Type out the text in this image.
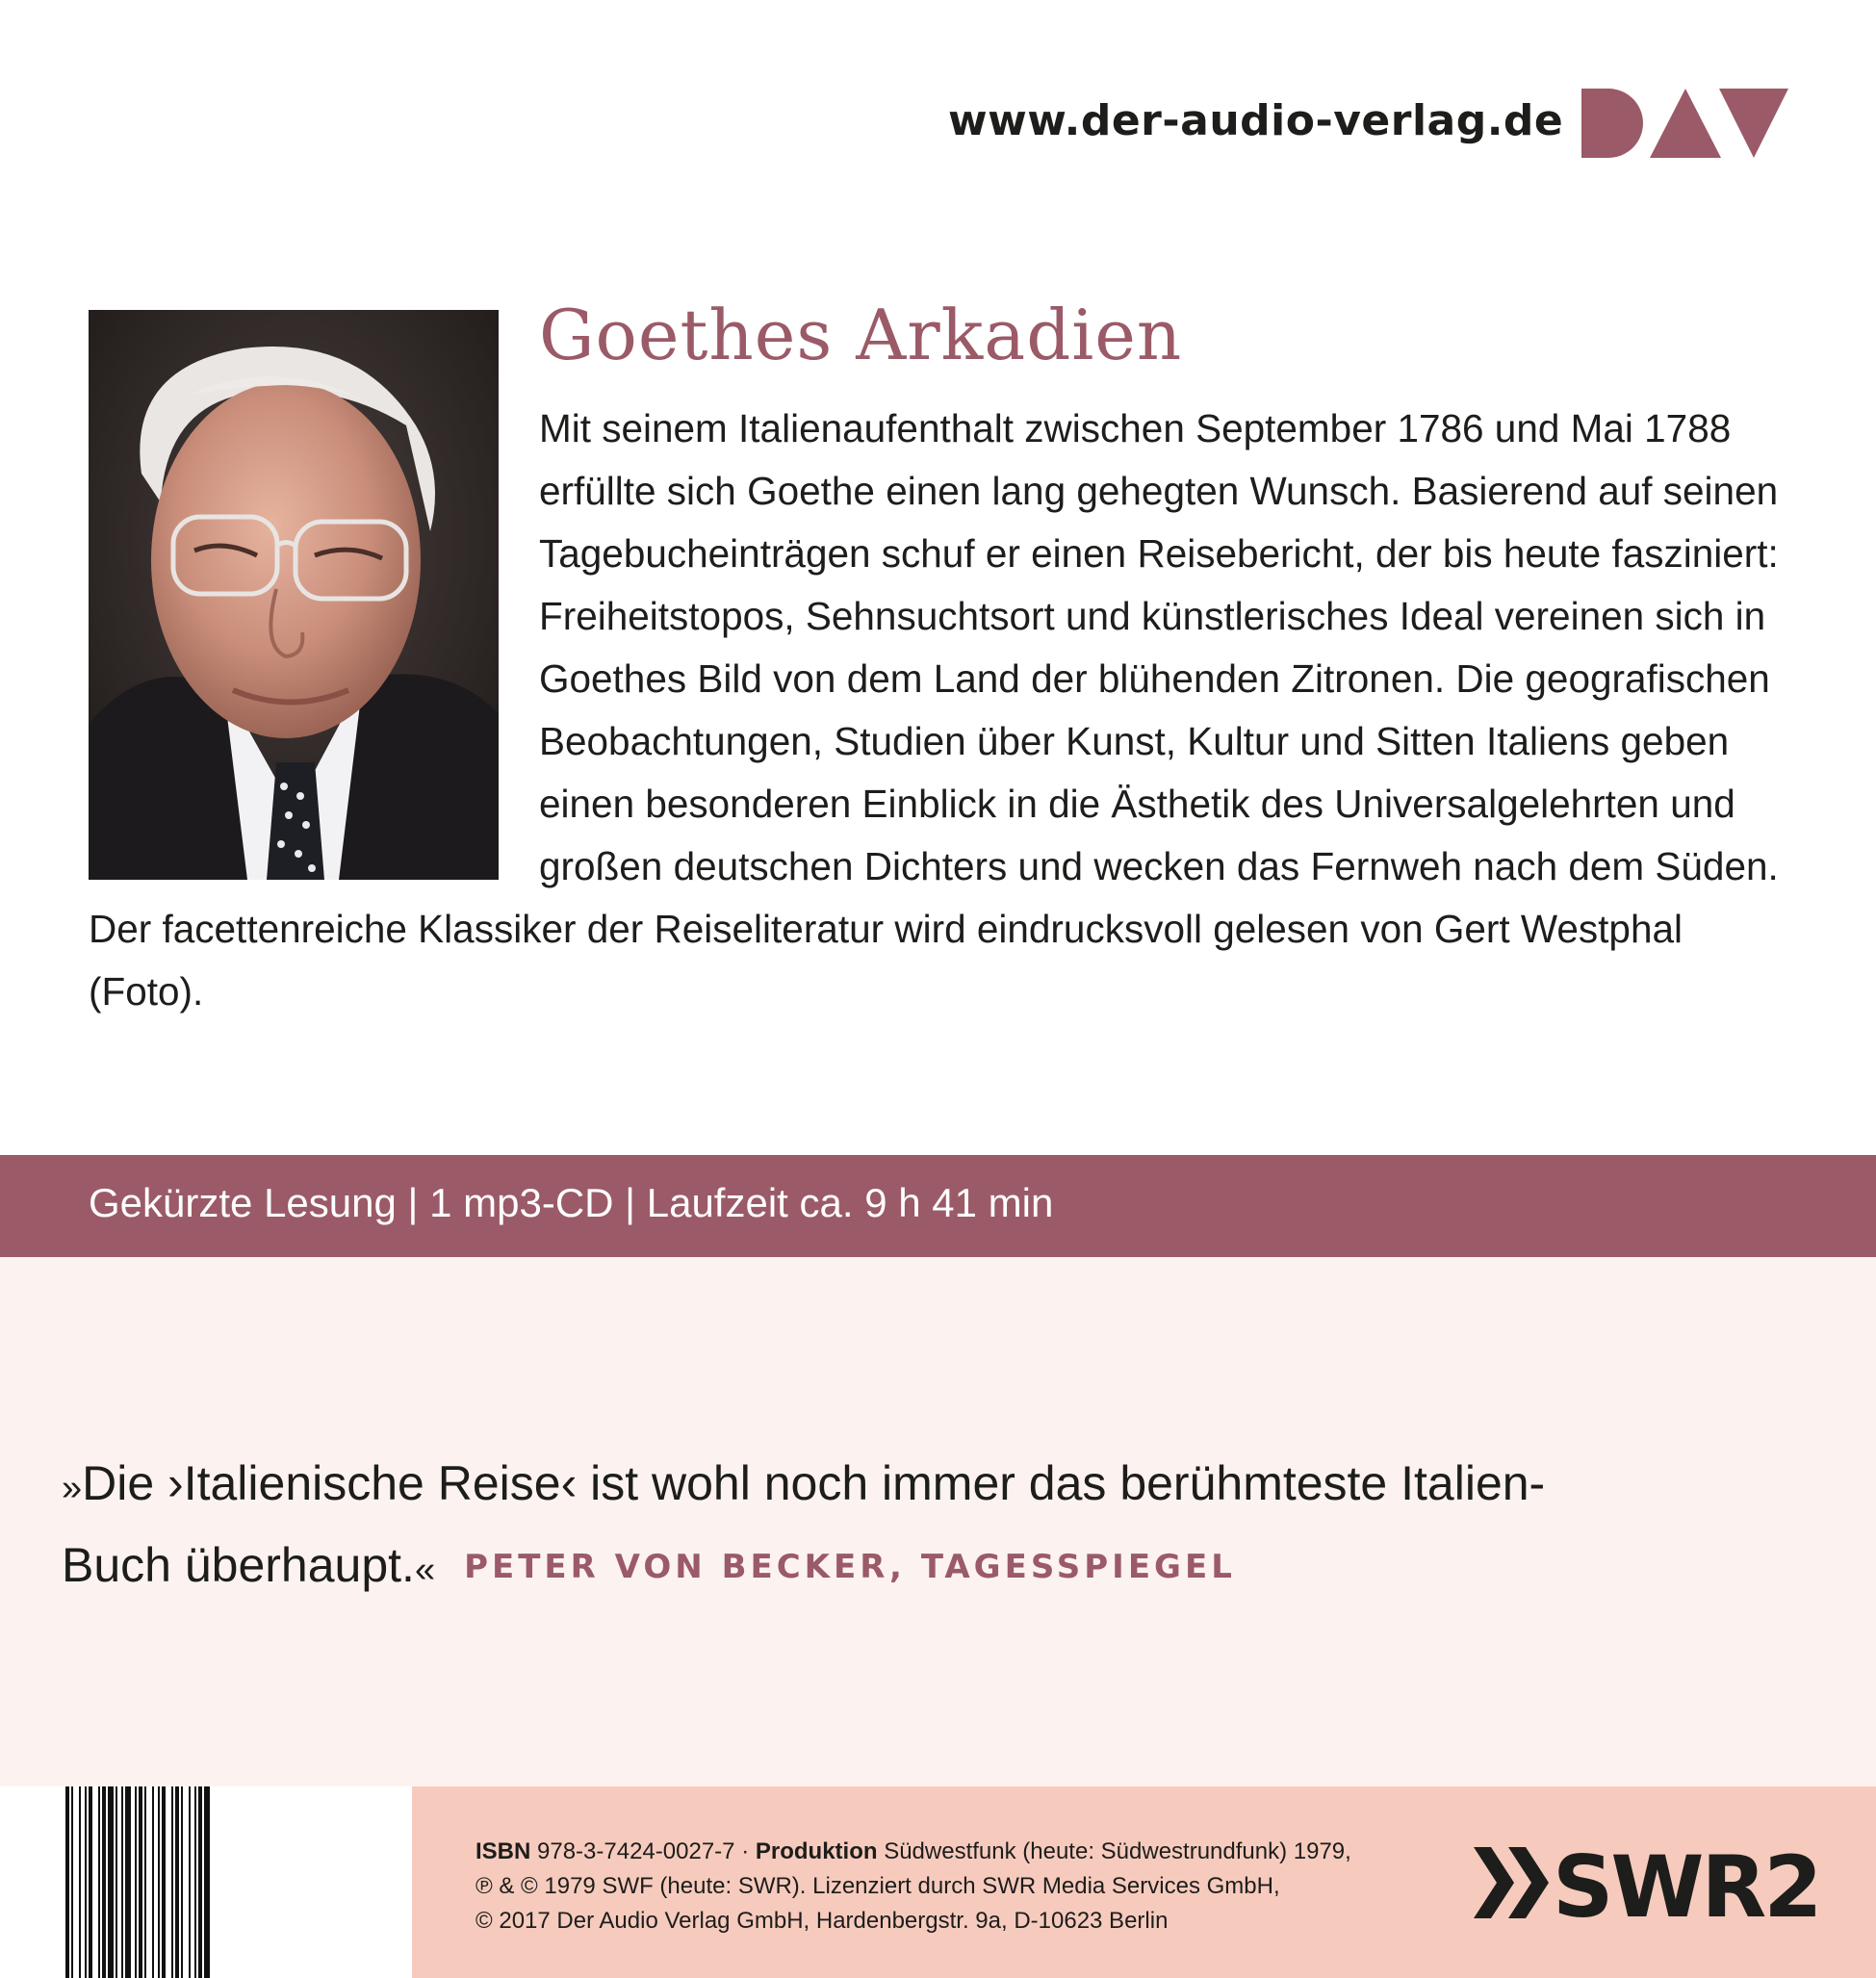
www.der-audio-verlag.de
Goethes Arkadien

Mit seinem Italienaufenthalt zwischen September 1786 und Mai 1788 erfüllte sich Goethe einen lang gehegten Wunsch. Basierend auf seinen Tagebucheinträgen schuf er einen Reisebericht, der bis heute fasziniert: Freiheitstopos, Sehnsuchtsort und künstlerisches Ideal vereinen sich in Goethes Bild von dem Land der blühenden Zitronen. Die geografischen Beobachtungen, Studien über Kunst, Kultur und Sitten Italiens geben einen besonderen Einblick in die Ästhetik des Universalgelehrten und großen deutschen Dichters und wecken das Fernweh nach dem Süden. Der facettenreiche Klassiker der Reiseliteratur wird eindrucksvoll gelesen von Gert Westphal (Foto).

Gekürzte Lesung | 1 mp3-CD | Laufzeit ca. 9 h 41 min

»Die ›Italienische Reise‹ ist wohl noch immer das berühmteste Italien-Buch überhaupt.« PETER VON BECKER, TAGESSPIEGEL

ISBN 978-3-7424-0027-7 · Produktion Südwestfunk (heute: Südwestrundfunk) 1979,
℗ & © 1979 SWF (heute: SWR). Lizenziert durch SWR Media Services GmbH,
© 2017 Der Audio Verlag GmbH, Hardenbergstr. 9a, D-10623 Berlin	SWR2
